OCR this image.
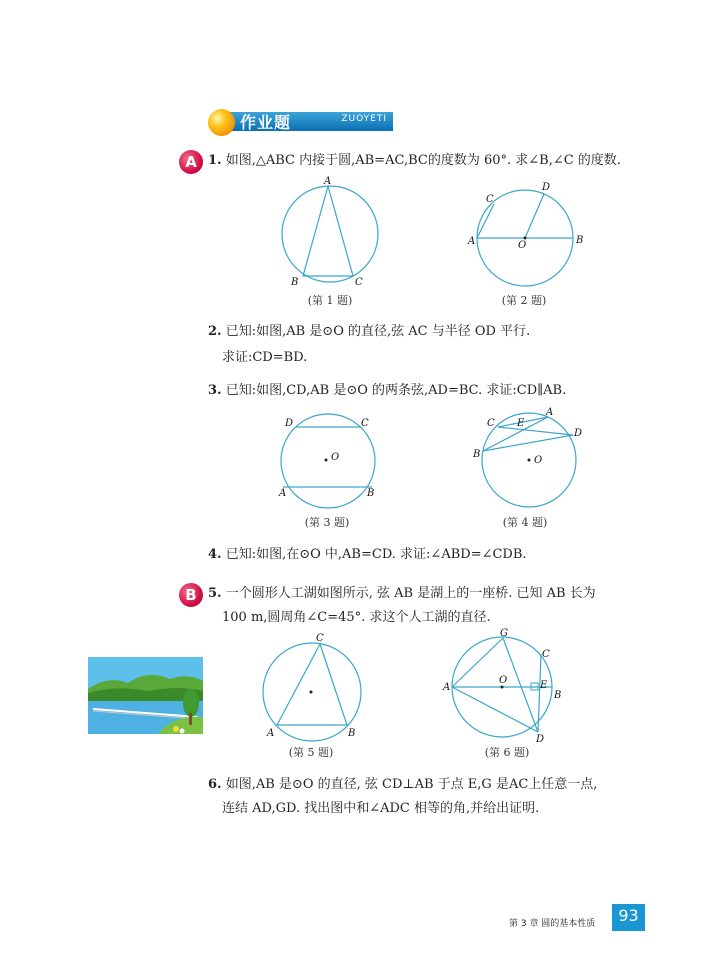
作业题	ZUOYETI
A 1. 如图,△ABC 内接于圆,AB=AC,BC的度数为 60°. 求∠B,∠C 的度数.
A
B	C
(第 1 题)
D
C
A	B
O
(第 2 题)
2. 已知:如图,AB 是⊙O 的直径,弦 AC 与半径 OD 平行.
求证:CD=BD.
3. 已知:如图,CD,AB 是⊙O 的两条弦,AD=BC. 求证:CD∥AB.
D	C
O
A	B
(第 3 题)
A
C E
D
B
O
(第 4 题)
4. 已知:如图,在⊙O 中,AB=CD. 求证:∠ABD=∠CDB.
B 5. 一个圆形人工湖如图所示, 弦 AB 是湖上的一座桥. 已知 AB 长为
100 m,圆周角∠C=45°. 求这个人工湖的直径.
C
A	B
(第 5 题)
G
C
A
O	E
B
D
(第 6 题)
6. 如图,AB 是⊙O 的直径, 弦 CD⊥AB 于点 E,G 是AC上任意一点,
连结 AD,GD. 找出图中和∠ADC 相等的角,并给出证明.
第 3 章 圆的基本性质	93
